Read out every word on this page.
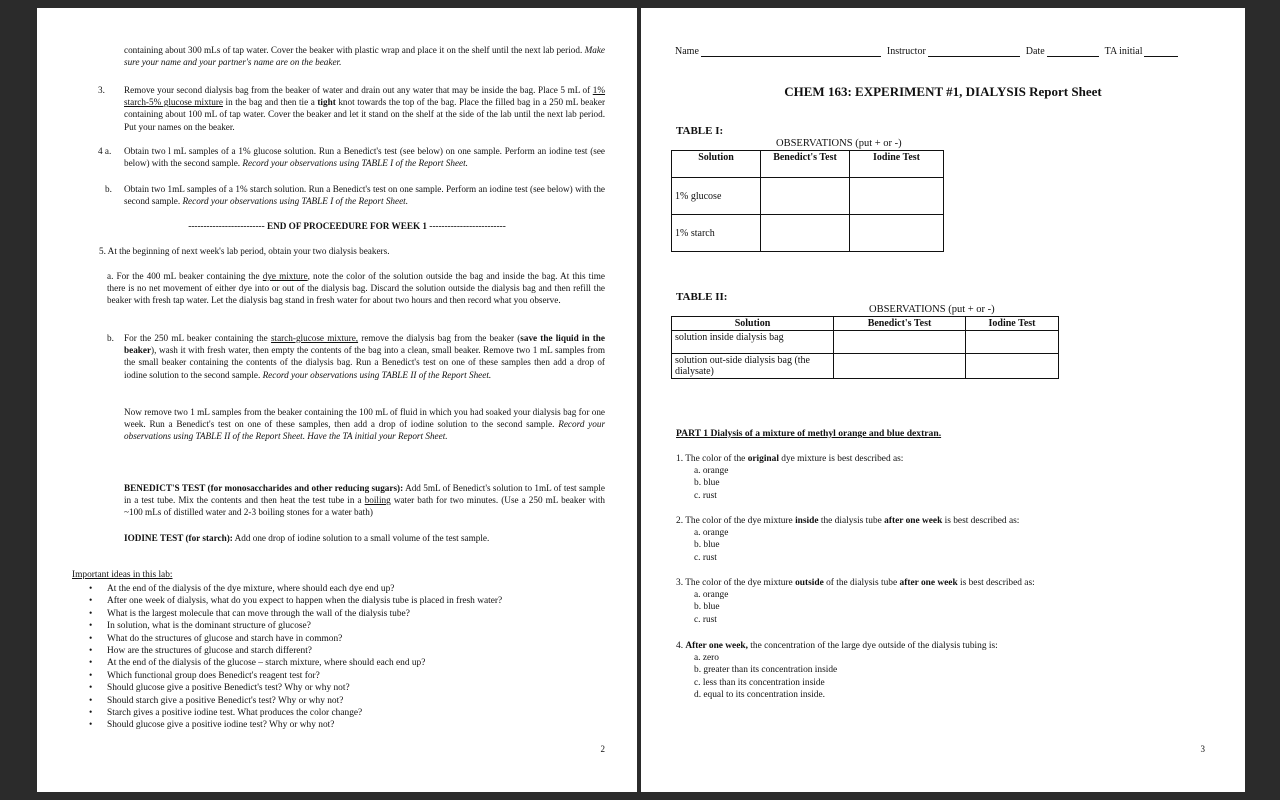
containing about 300 mLs of tap water. Cover the beaker with plastic wrap and place it on the shelf until the next lab period. Make sure your name and your partner's name are on the beaker.
3.	Remove your second dialysis bag from the beaker of water and drain out any water that may be inside the bag. Place 5 mL of 1% starch-5% glucose mixture in the bag and then tie a tight knot towards the top of the bag. Place the filled bag in a 250 mL beaker containing about 100 mL of tap water. Cover the beaker and let it stand on the shelf at the side of the lab until the next lab period. Put your names on the beaker.
4 a.	Obtain two l mL samples of a 1% glucose solution. Run a Benedict's test (see below) on one sample. Perform an iodine test (see below) with the second sample. Record your observations using TABLE I of the Report Sheet.
b.	Obtain two 1mL samples of a 1% starch solution. Run a Benedict's test on one sample. Perform an iodine test (see below) with the second sample. Record your observations using TABLE I of the Report Sheet.
------------------------- END OF PROCEEDURE FOR WEEK 1 -------------------------
5. At the beginning of next week's lab period, obtain your two dialysis beakers.
a. For the 400 mL beaker containing the dye mixture, note the color of the solution outside the bag and inside the bag. At this time there is no net movement of either dye into or out of the dialysis bag. Discard the solution outside the dialysis bag and then refill the beaker with fresh tap water. Let the dialysis bag stand in fresh water for about two hours and then record what you observe.
b.	For the 250 mL beaker containing the starch-glucose mixture, remove the dialysis bag from the beaker (save the liquid in the beaker), wash it with fresh water, then empty the contents of the bag into a clean, small beaker. Remove two 1 mL samples from the small beaker containing the contents of the dialysis bag. Run a Benedict's test on one of these samples then add a drop of iodine solution to the second sample. Record your observations using TABLE II of the Report Sheet.
Now remove two 1 mL samples from the beaker containing the 100 mL of fluid in which you had soaked your dialysis bag for one week. Run a Benedict's test on one of these samples, then add a drop of iodine solution to the second sample. Record your observations using TABLE II of the Report Sheet. Have the TA initial your Report Sheet.
BENEDICT'S TEST (for monosaccharides and other reducing sugars): Add 5mL of Benedict's solution to 1mL of test sample in a test tube. Mix the contents and then heat the test tube in a boiling water bath for two minutes. (Use a 250 mL beaker with ~100 mLs of distilled water and 2-3 boiling stones for a water bath)
IODINE TEST (for starch): Add one drop of iodine solution to a small volume of the test sample.
Important ideas in this lab:
• At the end of the dialysis of the dye mixture, where should each dye end up?
• After one week of dialysis, what do you expect to happen when the dialysis tube is placed in fresh water?
• What is the largest molecule that can move through the wall of the dialysis tube?
• In solution, what is the dominant structure of glucose?
• What do the structures of glucose and starch have in common?
• How are the structures of glucose and starch different?
• At the end of the dialysis of the glucose – starch mixture, where should each end up?
• Which functional group does Benedict's reagent test for?
• Should glucose give a positive Benedict's test? Why or why not?
• Should starch give a positive Benedict's test? Why or why not?
• Starch gives a positive iodine test. What produces the color change?
• Should glucose give a positive iodine test? Why or why not?
2
Name	Instructor	Date	TA initial
CHEM 163: EXPERIMENT #1, DIALYSIS Report Sheet
TABLE I:
OBSERVATIONS (put + or -)
Solution	Benedict's Test	Iodine Test
1% glucose		
1% starch		
TABLE II:
OBSERVATIONS (put + or -)
Solution	Benedict's Test	Iodine Test
solution inside dialysis bag		
solution out-side dialysis bag (the dialysate)		
PART 1 Dialysis of a mixture of methyl orange and blue dextran.
1. The color of the original dye mixture is best described as:
a. orange
b. blue
c. rust
2. The color of the dye mixture inside the dialysis tube after one week is best described as:
a. orange
b. blue
c. rust
3. The color of the dye mixture outside of the dialysis tube after one week is best described as:
a. orange
b. blue
c. rust
4. After one week, the concentration of the large dye outside of the dialysis tubing is:
a. zero
b. greater than its concentration inside
c. less than its concentration inside
d. equal to its concentration inside.
3
